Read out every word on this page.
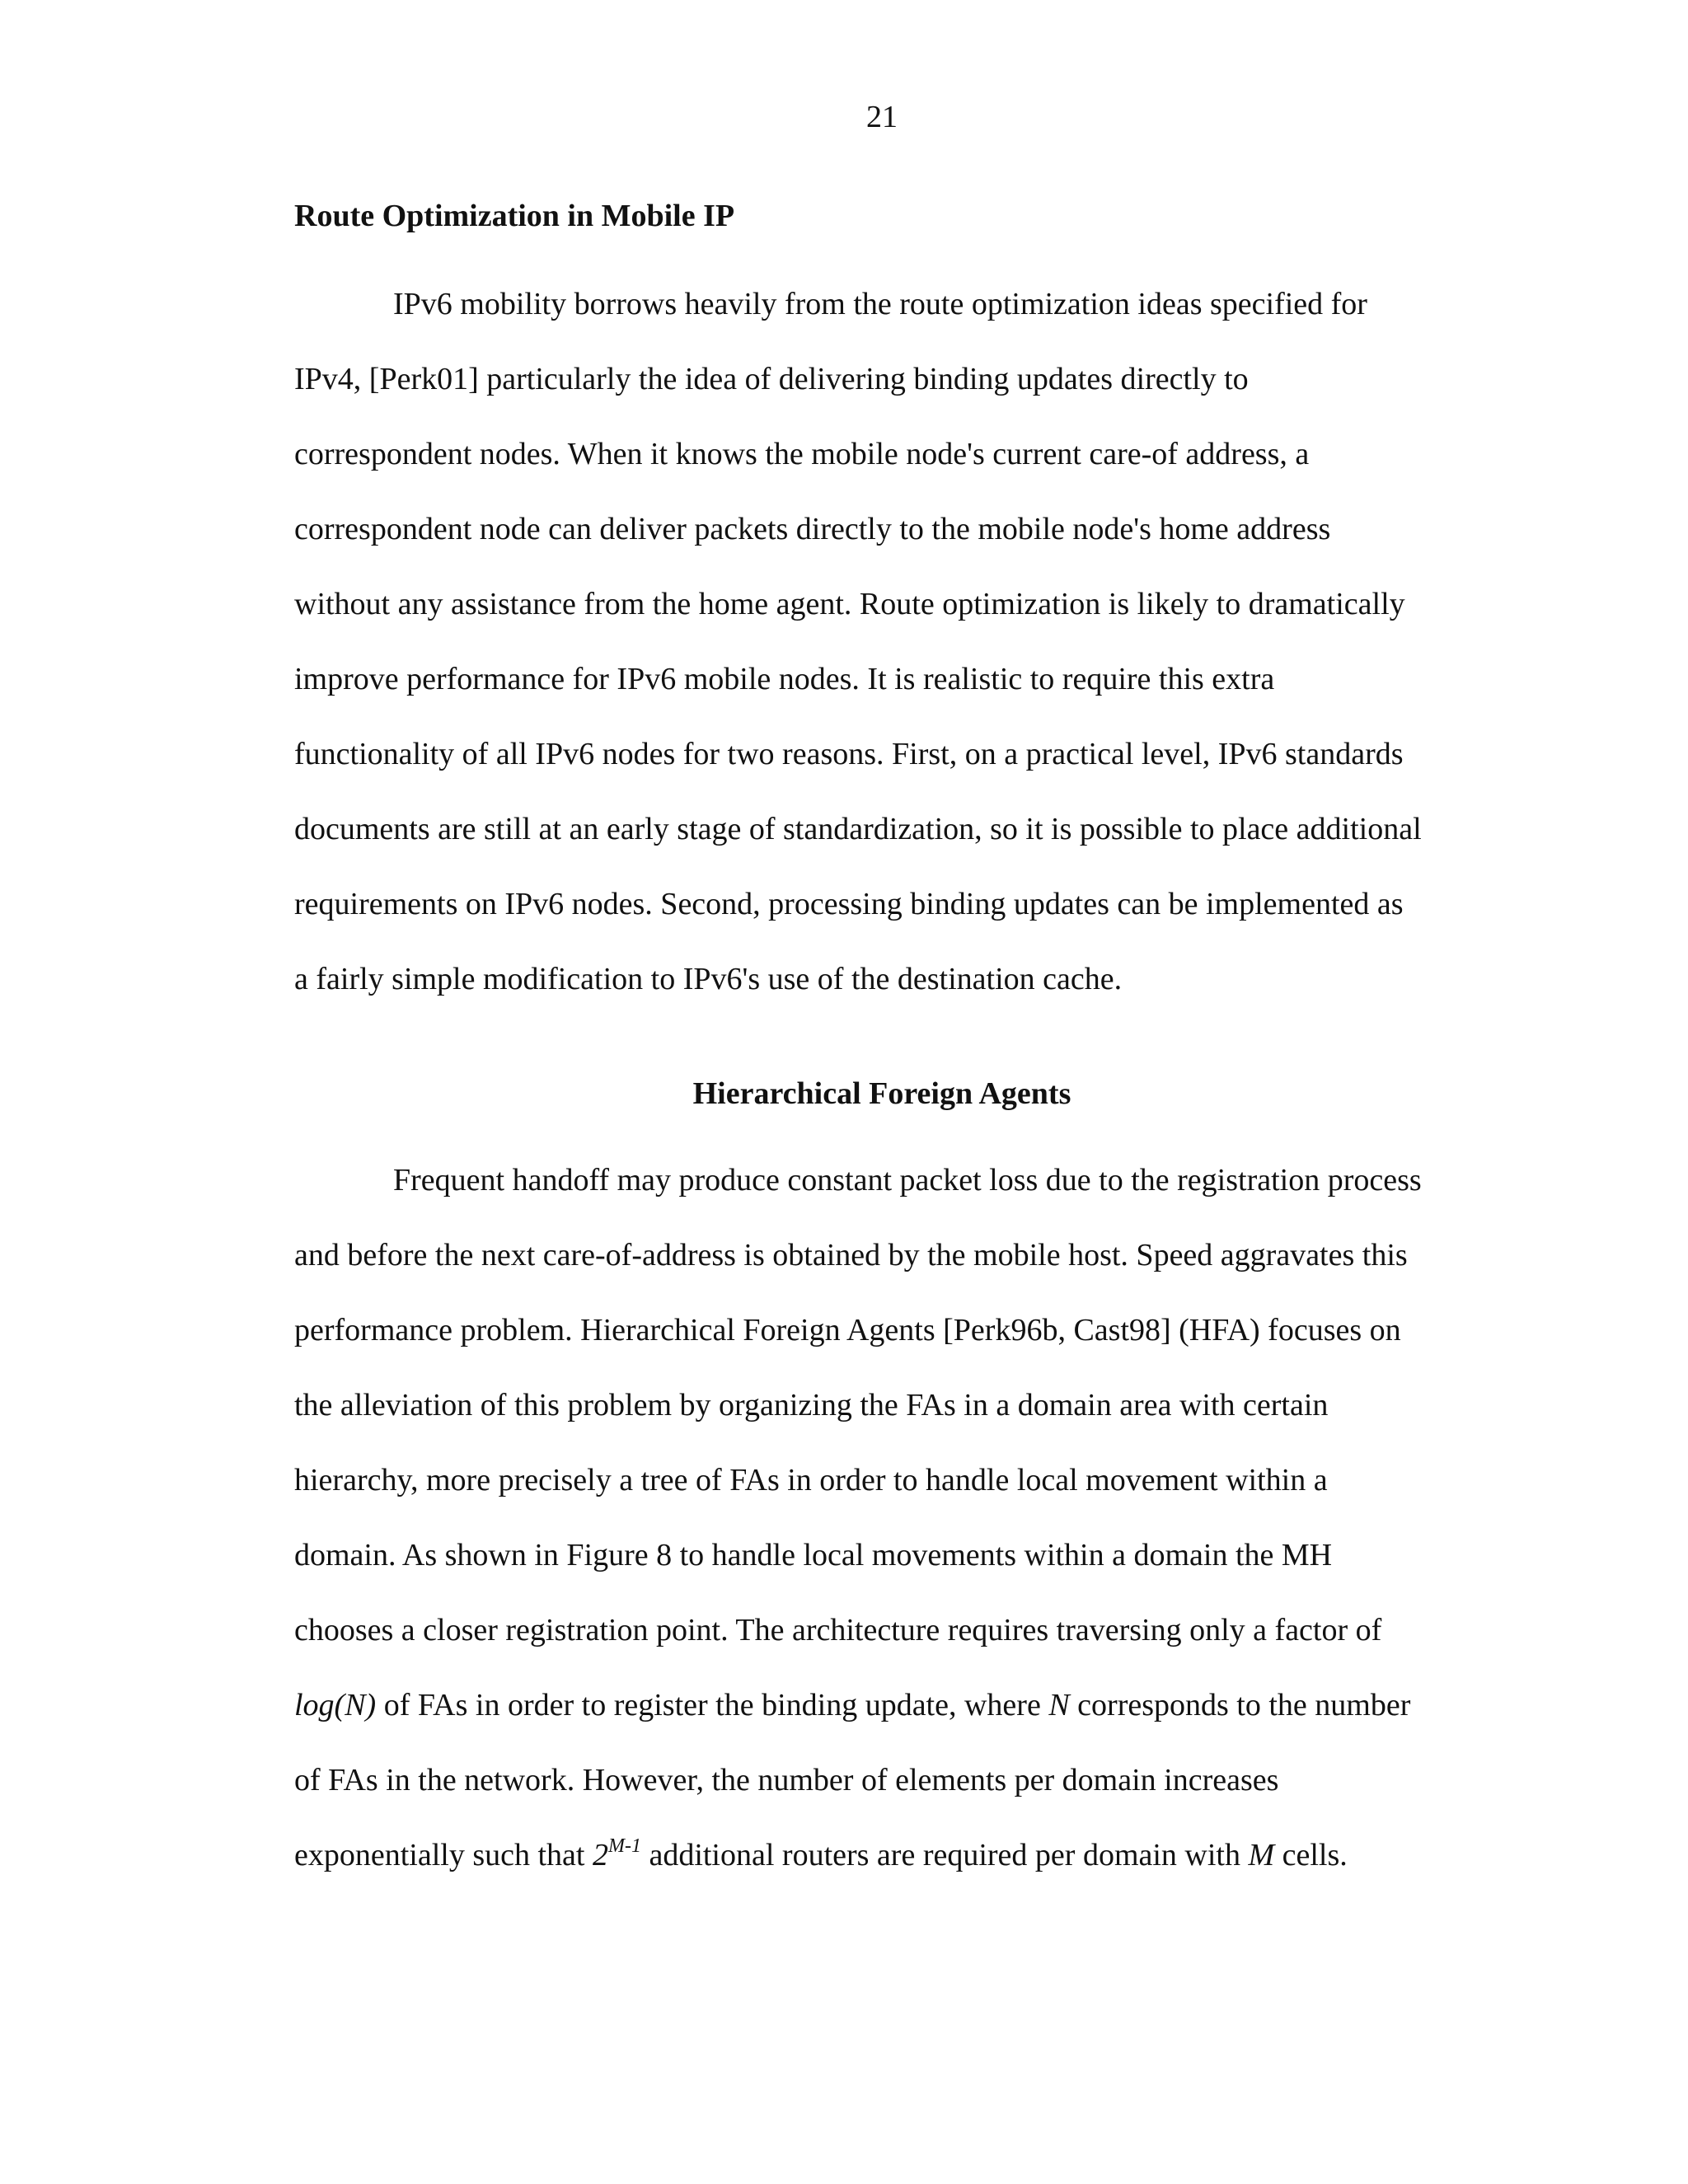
21
Route Optimization in Mobile IP
IPv6 mobility borrows heavily from the route optimization ideas specified for
IPv4, [Perk01] particularly the idea of delivering binding updates directly to
correspondent nodes. When it knows the mobile node's current care-of address, a
correspondent node can deliver packets directly to the mobile node's home address
without any assistance from the home agent. Route optimization is likely to dramatically
improve performance for IPv6 mobile nodes. It is realistic to require this extra
functionality of all IPv6 nodes for two reasons. First, on a practical level, IPv6 standards
documents are still at an early stage of standardization, so it is possible to place additional
requirements on IPv6 nodes. Second, processing binding updates can be implemented as
a fairly simple modification to IPv6's use of the destination cache.
Hierarchical Foreign Agents
Frequent handoff may produce constant packet loss due to the registration process
and before the next care-of-address is obtained by the mobile host. Speed aggravates this
performance problem. Hierarchical Foreign Agents [Perk96b, Cast98] (HFA) focuses on
the alleviation of this problem by organizing the FAs in a domain area with certain
hierarchy, more precisely a tree of FAs in order to handle local movement within a
domain. As shown in Figure 8 to handle local movements within a domain the MH
chooses a closer registration point. The architecture requires traversing only a factor of
log(N) of FAs in order to register the binding update, where N corresponds to the number
of FAs in the network. However, the number of elements per domain increases
exponentially such that $2^{M-1}$ additional routers are required per domain with M cells.
